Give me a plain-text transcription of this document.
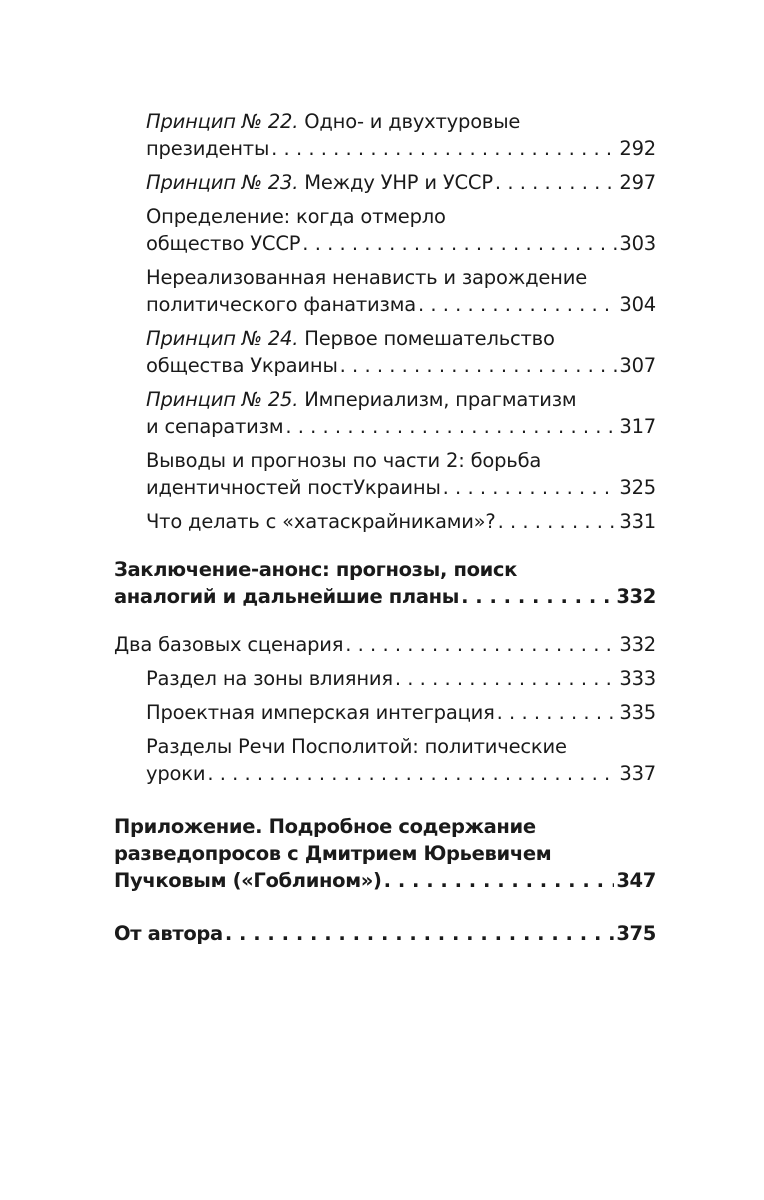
Принцип № 22. Одно- и двухтуровые
президенты . . .	292
Принцип № 23. Между УНР и УССР . . .	297
Определение: когда отмерло
общество УССР . . .	303
Нереализованная ненависть и зарождение
политического фанатизма . . .	304
Принцип № 24. Первое помешательство
общества Украины . . .	307
Принцип № 25. Империализм, прагматизм
и сепаратизм . . .	317
Выводы и прогнозы по части 2: борьба
идентичностей постУкраины . . .	325
Что делать с «хатаскрайниками»? . . .	331
Заключение-анонс: прогнозы, поиск
аналогий и дальнейшие планы . . .	332
Два базовых сценария . . .	332
Раздел на зоны влияния . . .	333
Проектная имперская интеграция . . .	335
Разделы Речи Посполитой: политические
уроки . . .	337
Приложение. Подробное содержание
разведопросов с Дмитрием Юрьевичем
Пучковым («Гоблином») . . .	347
От автора . . .	375
